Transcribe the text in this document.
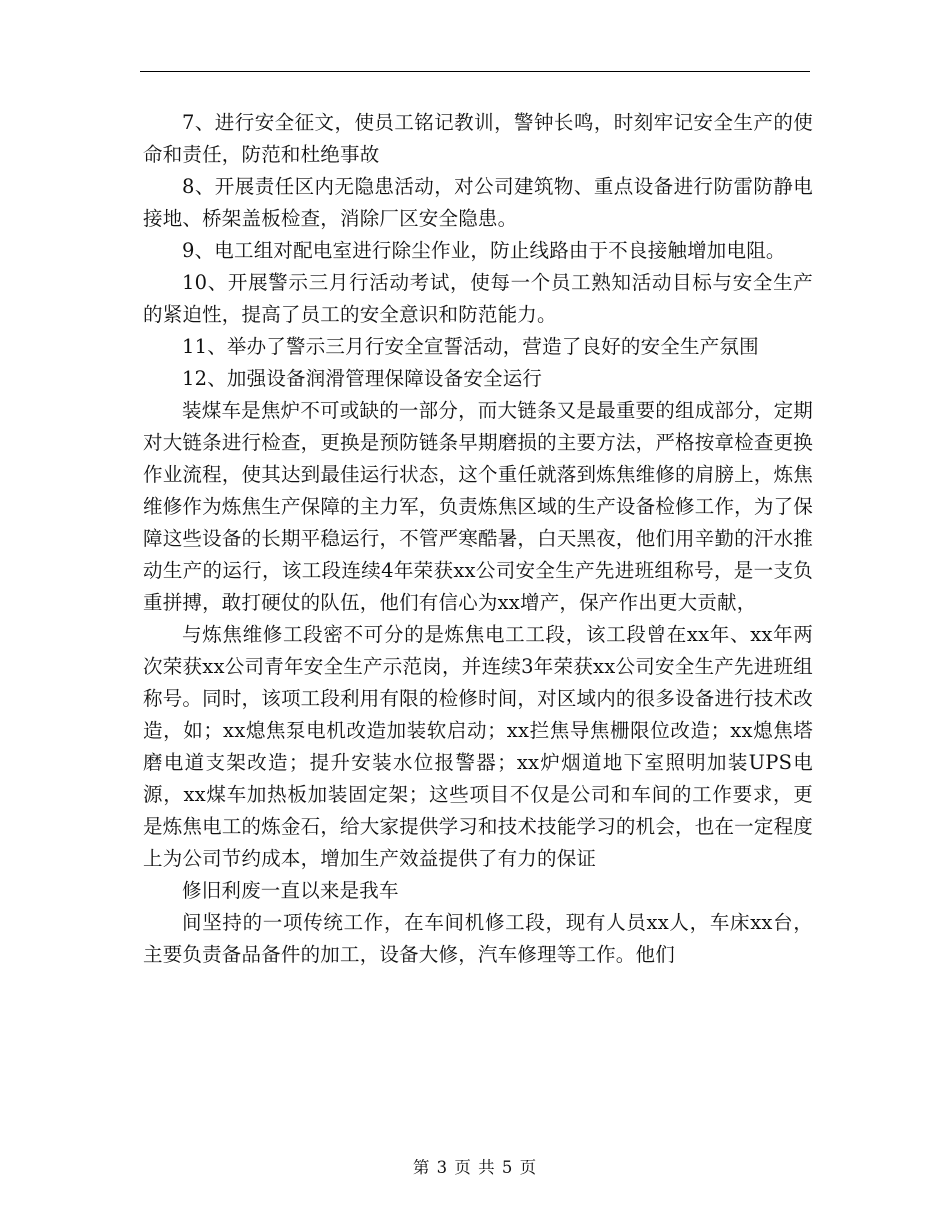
7、进行安全征文，使员工铭记教训，警钟长鸣，时刻牢记安全生产的使命和责任，防范和杜绝事故

8、开展责任区内无隐患活动，对公司建筑物、重点设备进行防雷防静电接地、桥架盖板检查，消除厂区安全隐患。

9、电工组对配电室进行除尘作业，防止线路由于不良接触增加电阻。

10、开展警示三月行活动考试，使每一个员工熟知活动目标与安全生产的紧迫性，提高了员工的安全意识和防范能力。

11、举办了警示三月行安全宣誓活动，营造了良好的安全生产氛围

12、加强设备润滑管理保障设备安全运行

装煤车是焦炉不可或缺的一部分，而大链条又是最重要的组成部分，定期对大链条进行检查，更换是预防链条早期磨损的主要方法，严格按章检查更换作业流程，使其达到最佳运行状态，这个重任就落到炼焦维修的肩膀上，炼焦维修作为炼焦生产保障的主力军，负责炼焦区域的生产设备检修工作，为了保障这些设备的长期平稳运行，不管严寒酷暑，白天黑夜，他们用辛勤的汗水推动生产的运行，该工段连续4年荣获xx公司安全生产先进班组称号，是一支负重拼搏，敢打硬仗的队伍，他们有信心为xx增产，保产作出更大贡献，

与炼焦维修工段密不可分的是炼焦电工工段，该工段曾在xx年、xx年两次荣获xx公司青年安全生产示范岗，并连续3年荣获xx公司安全生产先进班组称号。同时，该项工段利用有限的检修时间，对区域内的很多设备进行技术改造，如；xx熄焦泵电机改造加装软启动；xx拦焦导焦栅限位改造；xx熄焦塔磨电道支架改造；提升安装水位报警器；xx炉烟道地下室照明加装UPS电源，xx煤车加热板加装固定架；这些项目不仅是公司和车间的工作要求，更是炼焦电工的炼金石，给大家提供学习和技术技能学习的机会，也在一定程度上为公司节约成本，增加生产效益提供了有力的保证

修旧利废一直以来是我车

间坚持的一项传统工作，在车间机修工段，现有人员xx人，车床xx台，主要负责备品备件的加工，设备大修，汽车修理等工作。他们

第 3 页 共 5 页
